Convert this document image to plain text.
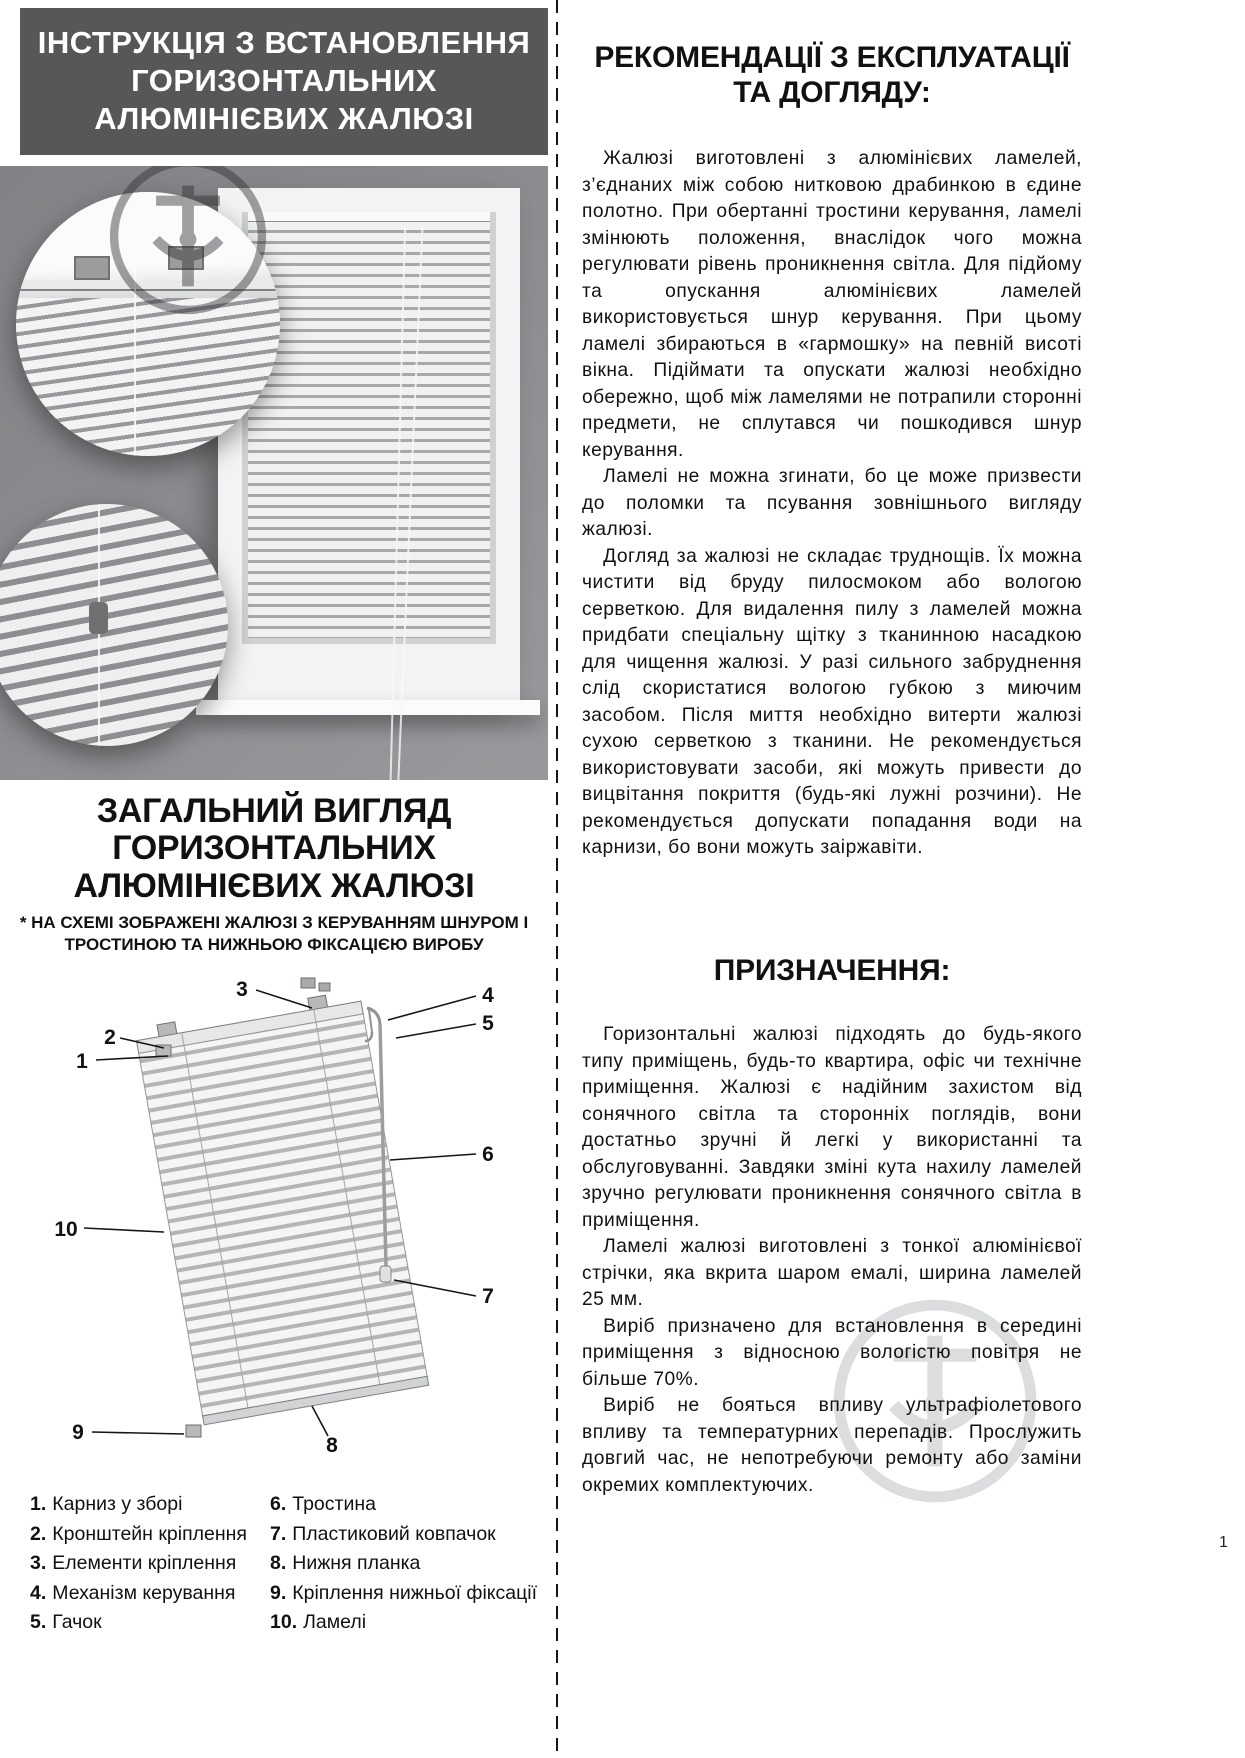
ІНСТРУКЦІЯ З ВСТАНОВЛЕННЯ ГОРИЗОНТАЛЬНИХ АЛЮМІНІЄВИХ ЖАЛЮЗІ
ЗАГАЛЬНИЙ ВИГЛЯД ГОРИЗОНТАЛЬНИХ АЛЮМІНІЄВИХ ЖАЛЮЗІ
* НА СХЕМІ ЗОБРАЖЕНІ ЖАЛЮЗІ З КЕРУВАННЯМ ШНУРОМ І ТРОСТИНОЮ ТА НИЖНЬОЮ ФІКСАЦІЄЮ ВИРОБУ
1
2
3	4
5
6
7
8
9
10
1. Карниз у зборі
2. Кронштейн кріплення
3. Елементи кріплення
4. Механізм керування
5. Гачок
6. Тростина
7. Пластиковий ковпачок
8. Нижня планка
9. Кріплення нижньої фіксації
10. Ламелі
РЕКОМЕНДАЦІЇ З ЕКСПЛУАТАЦІЇ ТА ДОГЛЯДУ:

Жалюзі виготовлені з алюмінієвих ламелей, з’єднаних між собою нитковою драбинкою в єдине полотно. При обертанні тростини керування, ламелі змінюють положення, внаслідок чого можна регулювати рівень проникнення світла. Для підйому та опускання алюмінієвих ламелей використовується шнур керування. При цьому ламелі збираються в «гармошку» на певній висоті вікна. Підіймати та опускати жалюзі необхідно обережно, щоб між ламелями не потрапили сторонні предмети, не сплутався чи пошкодився шнур керування.

Ламелі не можна згинати, бо це може призвести до поломки та псування зовнішнього вигляду жалюзі.

Догляд за жалюзі не складає труднощів. Їх можна чистити від бруду пилосмоком або вологою серветкою. Для видалення пилу з ламелей можна придбати спеціальну щітку з тканинною насадкою для чищення жалюзі. У разі сильного забруднення слід скористатися вологою губкою з миючим засобом. Після миття необхідно витерти жалюзі сухою серветкою з тканини. Не рекомендується використовувати засоби, які можуть привести до вицвітання покриття (будь-які лужні розчини). Не рекомендується допускати попадання води на карнизи, бо вони можуть заіржавіти.

ПРИЗНАЧЕННЯ:

Горизонтальні жалюзі підходять до будь-якого типу приміщень, будь-то квартира, офіс чи технічне приміщення. Жалюзі є надійним захистом від сонячного світла та сторонніх поглядів, вони достатньо зручні й легкі у використанні та обслуговуванні. Завдяки зміні кута нахилу ламелей зручно регулювати проникнення сонячного світла в приміщення.

Ламелі жалюзі виготовлені з тонкої алюмінієвої стрічки, яка вкрита шаром емалі, ширина ламелей 25 мм.

Виріб призначено для встановлення в середині приміщення з відносною вологістю повітря не більше 70%.

Виріб не бояться впливу ультрафіолетового впливу та температурних перепадів. Прослужить довгий час, не непотребуючи ремонту або заміни окремих комплектуючих.

1
